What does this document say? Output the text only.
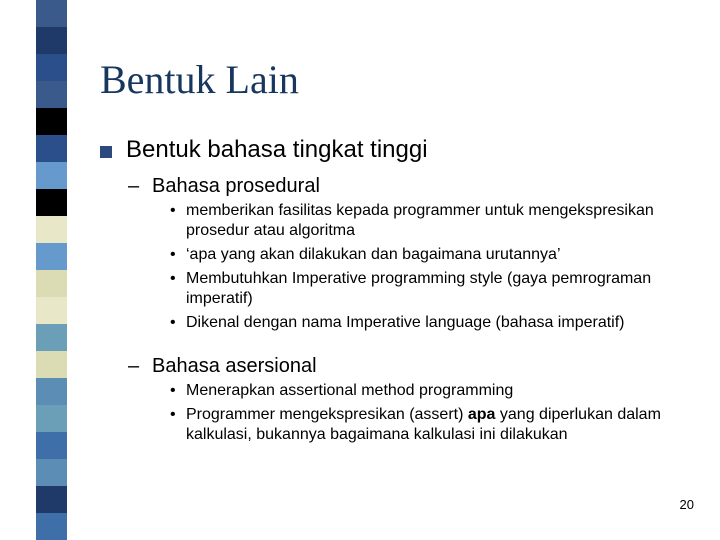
Bentuk Lain
Bentuk bahasa tingkat tinggi
– Bahasa prosedural
• memberikan fasilitas kepada programmer untuk mengekspresikan prosedur atau algoritma
• ‘apa yang akan dilakukan dan bagaimana urutannya’
• Membutuhkan Imperative programming style (gaya pemrograman imperatif)
• Dikenal dengan nama Imperative language (bahasa imperatif)
– Bahasa asersional
• Menerapkan assertional method programming
• Programmer mengekspresikan (assert) apa yang diperlukan dalam kalkulasi, bukannya bagaimana kalkulasi ini dilakukan
20
